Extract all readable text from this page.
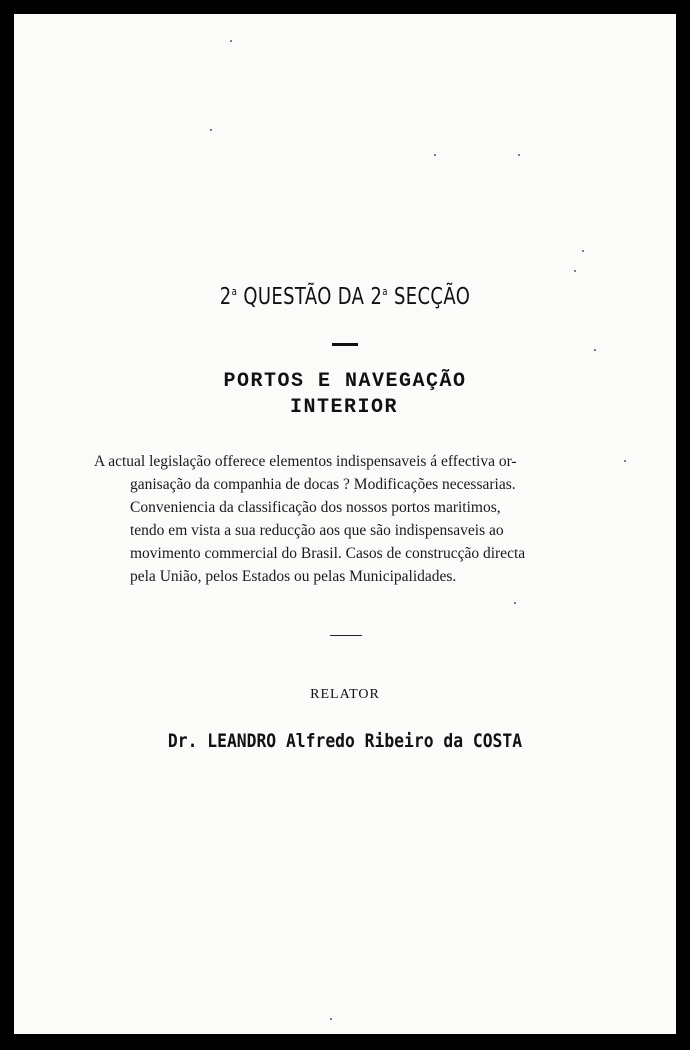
2$^a$ QUESTÃO DA 2$^a$ SECÇÃO
PORTOS E NAVEGAÇÃO
INTERIOR

A actual legislação offerece elementos indispensaveis á effectiva or-

ganisação da companhia de docas ? Modificações necessarias.

Conveniencia da classificação dos nossos portos maritimos,

tendo em vista a sua reducção aos que são indispensaveis ao

movimento commercial do Brasil. Casos de construcção directa

pela União, pelos Estados ou pelas Municipalidades.

RELATOR
Dr. LEANDRO Alfredo Ribeiro da COSTA
